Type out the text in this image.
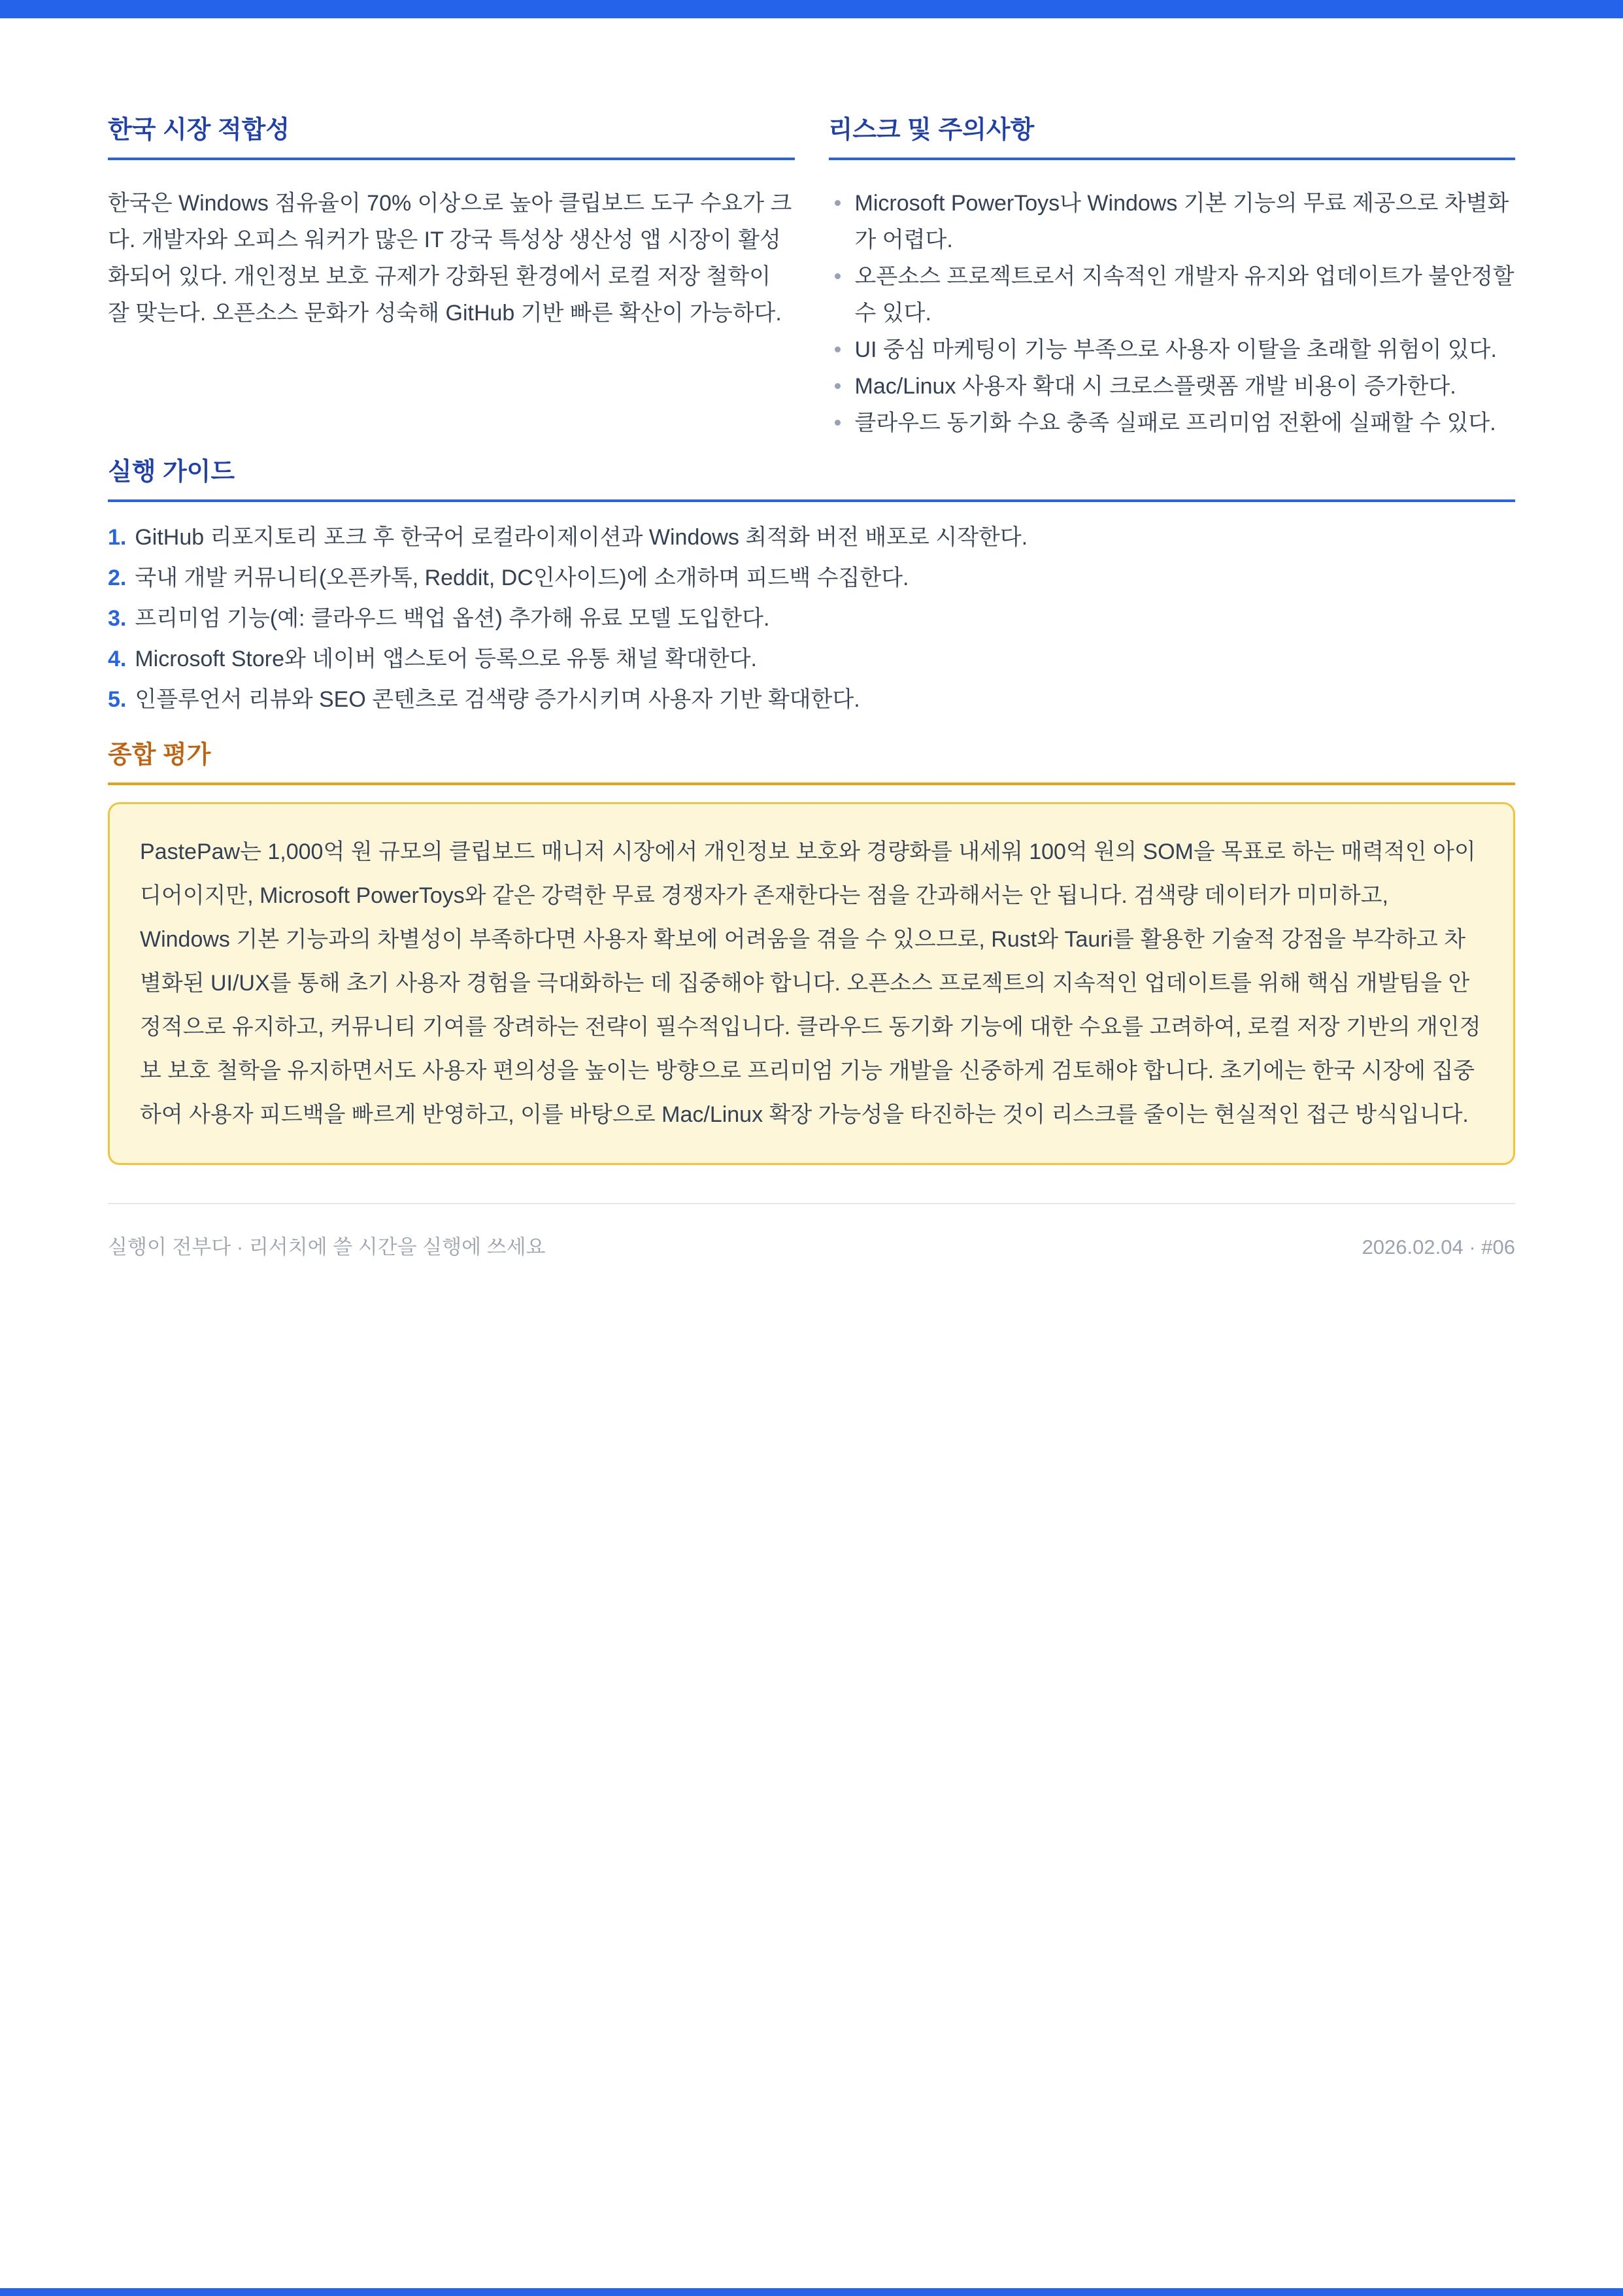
한국 시장 적합성

한국은 Windows 점유율이 70% 이상으로 높아 클립보드 도구 수요가 크다. 개발자와 오피스 워커가 많은 IT 강국 특성상 생산성 앱 시장이 활성화되어 있다. 개인정보 보호 규제가 강화된 환경에서 로컬 저장 철학이 잘 맞는다. 오픈소스 문화가 성숙해 GitHub 기반 빠른 확산이 가능하다.

리스크 및 주의사항
Microsoft PowerToys나 Windows 기본 기능의 무료 제공으로 차별화가 어렵다.
오픈소스 프로젝트로서 지속적인 개발자 유지와 업데이트가 불안정할 수 있다.
UI 중심 마케팅이 기능 부족으로 사용자 이탈을 초래할 위험이 있다.
Mac/Linux 사용자 확대 시 크로스플랫폼 개발 비용이 증가한다.
클라우드 동기화 수요 충족 실패로 프리미엄 전환에 실패할 수 있다.
실행 가이드
1. GitHub 리포지토리 포크 후 한국어 로컬라이제이션과 Windows 최적화 버전 배포로 시작한다.
2. 국내 개발 커뮤니티(오픈카톡, Reddit, DC인사이드)에 소개하며 피드백 수집한다.
3. 프리미엄 기능(예: 클라우드 백업 옵션) 추가해 유료 모델 도입한다.
4. Microsoft Store와 네이버 앱스토어 등록으로 유통 채널 확대한다.
5. 인플루언서 리뷰와 SEO 콘텐츠로 검색량 증가시키며 사용자 기반 확대한다.
종합 평가

PastePaw는 1,000억 원 규모의 클립보드 매니저 시장에서 개인정보 보호와 경량화를 내세워 100억 원의 SOM을 목표로 하는 매력적인 아이디어이지만, Microsoft PowerToys와 같은 강력한 무료 경쟁자가 존재한다는 점을 간과해서는 안 됩니다. 검색량 데이터가 미미하고, Windows 기본 기능과의 차별성이 부족하다면 사용자 확보에 어려움을 겪을 수 있으므로, Rust와 Tauri를 활용한 기술적 강점을 부각하고 차별화된 UI/UX를 통해 초기 사용자 경험을 극대화하는 데 집중해야 합니다. 오픈소스 프로젝트의 지속적인 업데이트를 위해 핵심 개발팀을 안정적으로 유지하고, 커뮤니티 기여를 장려하는 전략이 필수적입니다. 클라우드 동기화 기능에 대한 수요를 고려하여, 로컬 저장 기반의 개인정보 보호 철학을 유지하면서도 사용자 편의성을 높이는 방향으로 프리미엄 기능 개발을 신중하게 검토해야 합니다. 초기에는 한국 시장에 집중하여 사용자 피드백을 빠르게 반영하고, 이를 바탕으로 Mac/Linux 확장 가능성을 타진하는 것이 리스크를 줄이는 현실적인 접근 방식입니다.

실행이 전부다 · 리서치에 쓸 시간을 실행에 쓰세요	2026.02.04 · #06
